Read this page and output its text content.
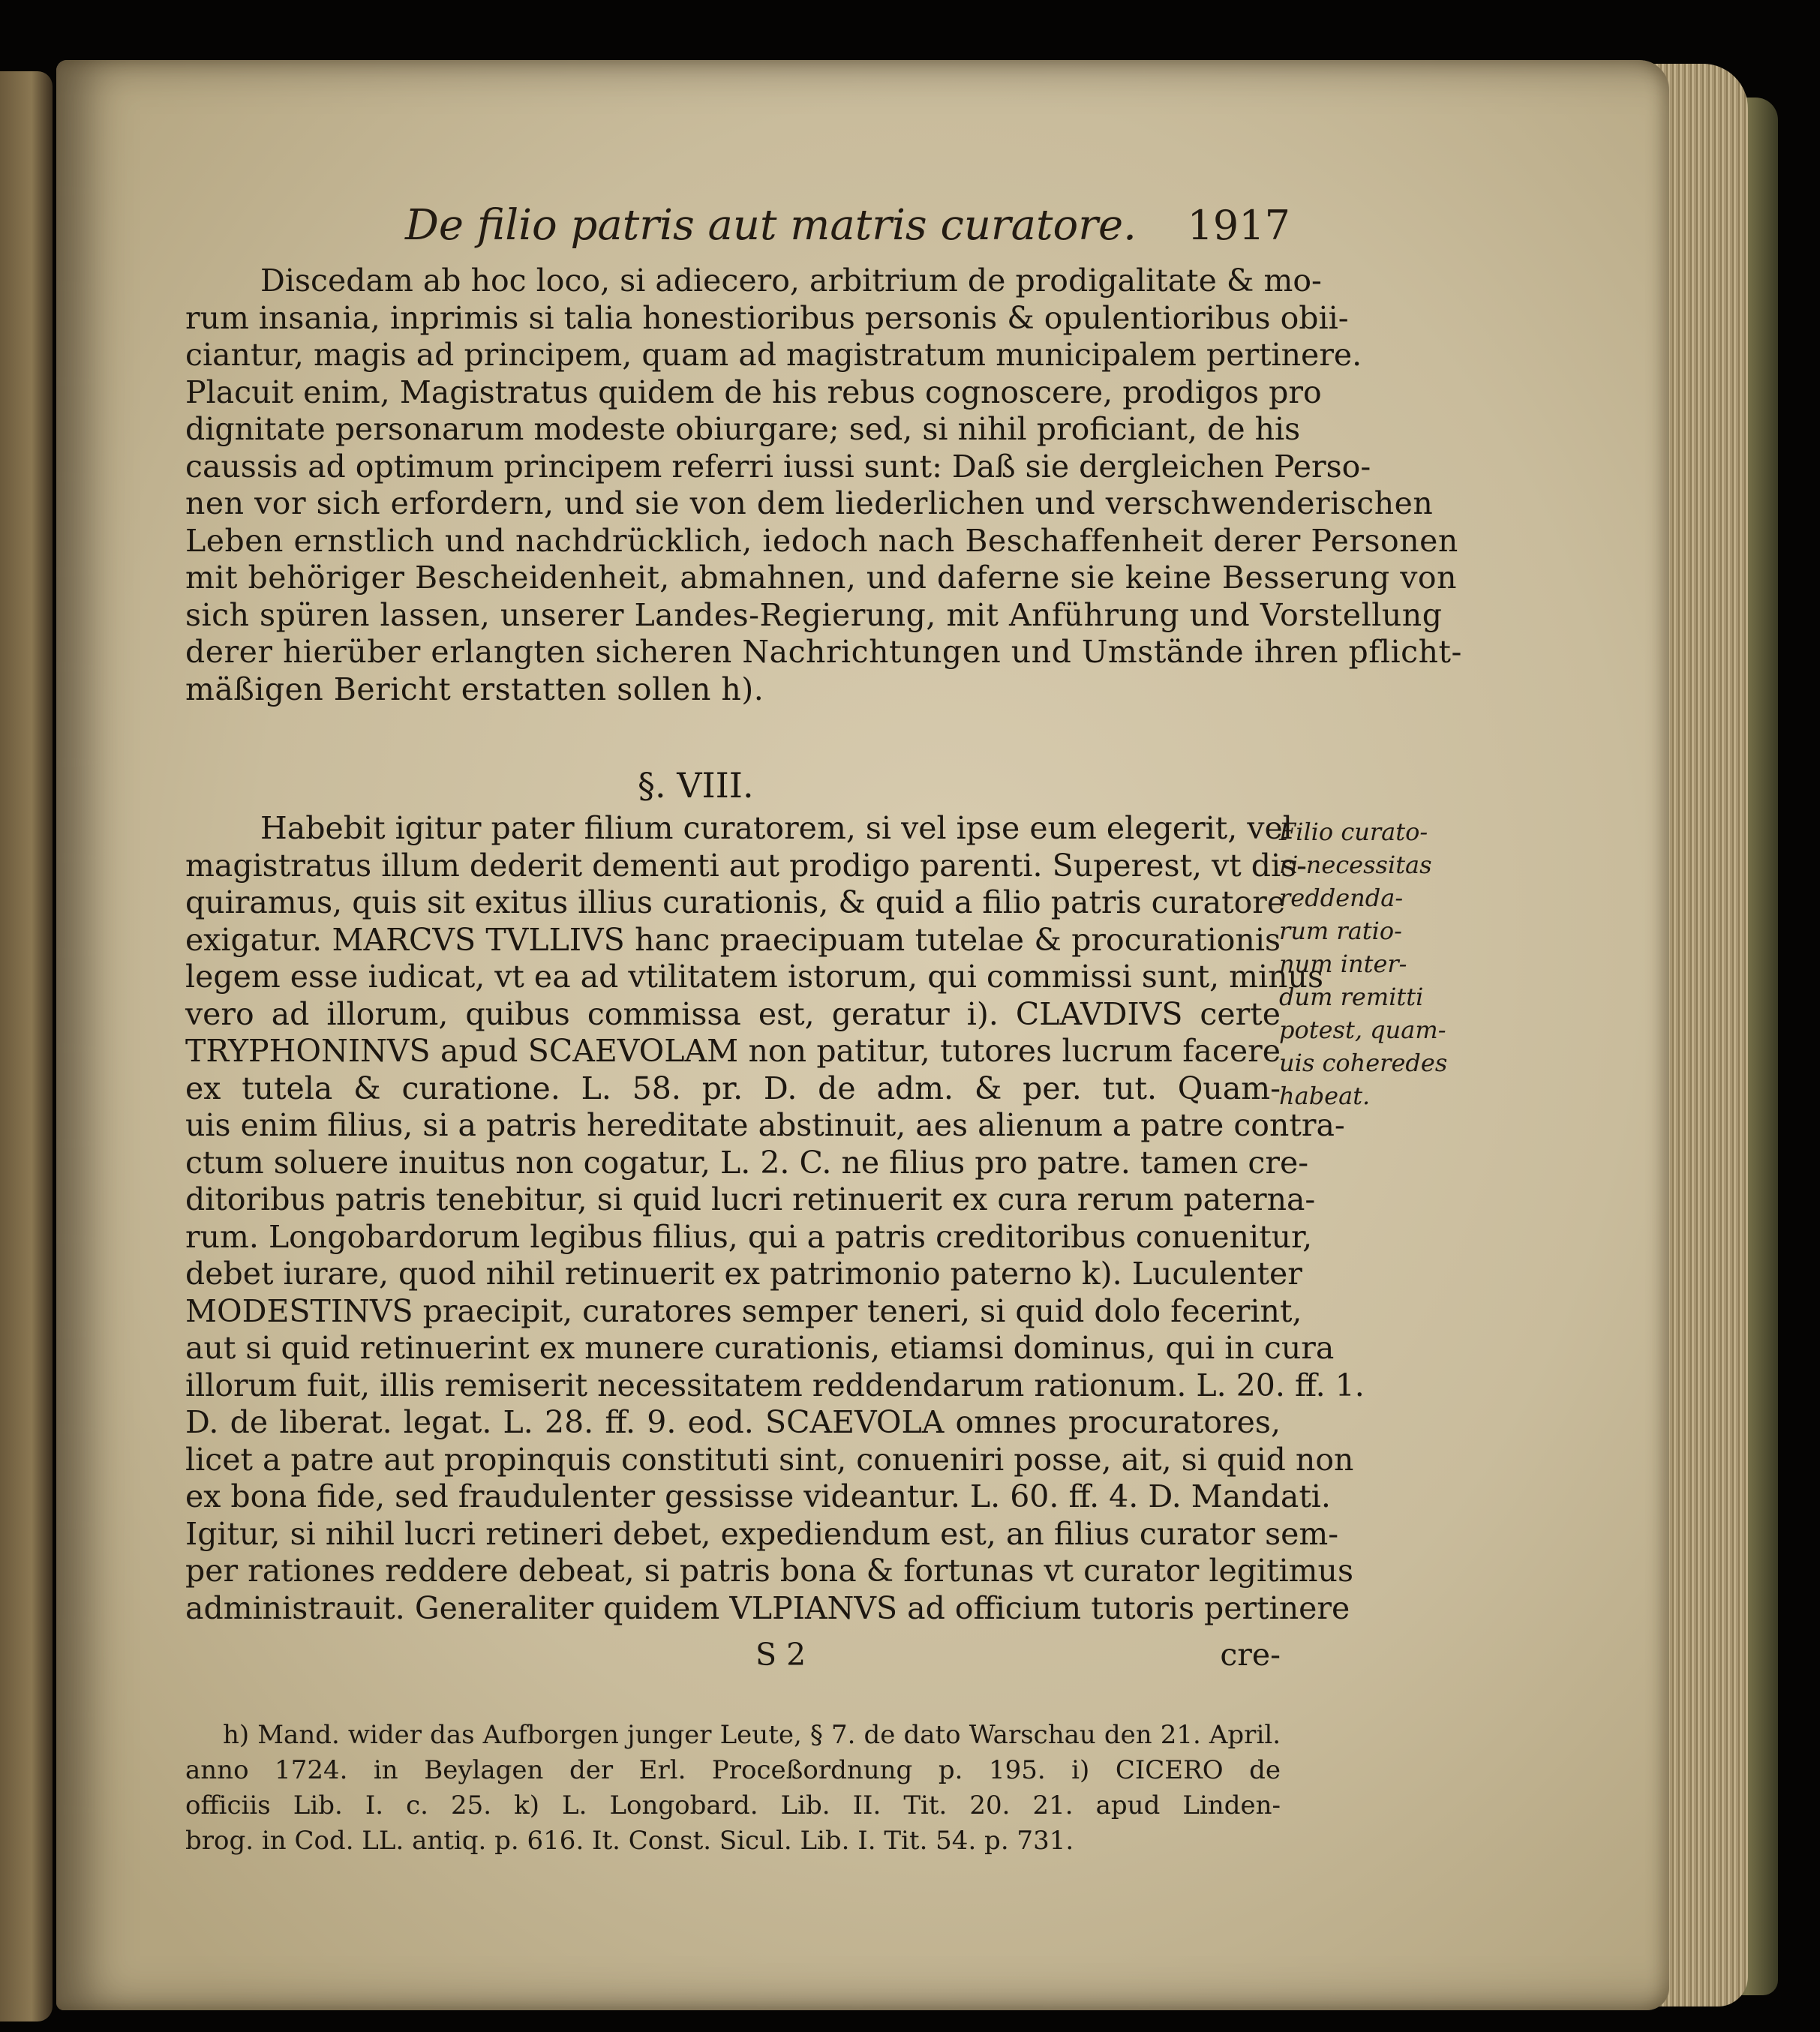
De filio patris aut matris curatore. 1917
Discedam ab hoc loco, si adiecero, arbitrium de prodigalitate & mo-
rum insania, inprimis si talia honestioribus personis & opulentioribus obii-
ciantur, magis ad principem, quam ad magistratum municipalem pertinere.
Placuit enim, Magistratus quidem de his rebus cognoscere, prodigos pro
dignitate personarum modeste obiurgare; sed, si nihil proficiant, de his
caussis ad optimum principem referri iussi sunt: Daß sie dergleichen Perso-
nen vor sich erfordern, und sie von dem liederlichen und verschwenderischen
Leben ernstlich und nachdrücklich, iedoch nach Beschaffenheit derer Personen
mit behöriger Bescheidenheit, abmahnen, und daferne sie keine Besserung von
sich spüren lassen, unserer Landes-Regierung, mit Anführung und Vorstellung
derer hierüber erlangten sicheren Nachrichtungen und Umstände ihren pflicht-
mäßigen Bericht erstatten sollen h).
§. VIII.
Habebit igitur pater filium curatorem, si vel ipse eum elegerit, vel
magistratus illum dederit dementi aut prodigo parenti. Superest, vt dis-
quiramus, quis sit exitus illius curationis, & quid a filio patris curatore
exigatur. MARCVS TVLLIVS hanc praecipuam tutelae & procurationis
legem esse iudicat, vt ea ad vtilitatem istorum, qui commissi sunt, minus
vero ad illorum, quibus commissa est, geratur i). CLAVDIVS certe
TRYPHONINVS apud SCAEVOLAM non patitur, tutores lucrum facere
ex tutela & curatione. L. 58. pr. D. de adm. & per. tut. Quam-
uis enim filius, si a patris hereditate abstinuit, aes alienum a patre contra-
ctum soluere inuitus non cogatur, L. 2. C. ne filius pro patre. tamen cre-
ditoribus patris tenebitur, si quid lucri retinuerit ex cura rerum paterna-
rum. Longobardorum legibus filius, qui a patris creditoribus conuenitur,
debet iurare, quod nihil retinuerit ex patrimonio paterno k). Luculenter
MODESTINVS praecipit, curatores semper teneri, si quid dolo fecerint,
aut si quid retinuerint ex munere curationis, etiamsi dominus, qui in cura
illorum fuit, illis remiserit necessitatem reddendarum rationum. L. 20. ff. 1.
D. de liberat. legat. L. 28. ff. 9. eod. SCAEVOLA omnes procuratores,
licet a patre aut propinquis constituti sint, conueniri posse, ait, si quid non
ex bona fide, sed fraudulenter gessisse videantur. L. 60. ff. 4. D. Mandati.
Igitur, si nihil lucri retineri debet, expediendum est, an filius curator sem-
per rationes reddere debeat, si patris bona & fortunas vt curator legitimus
administrauit. Generaliter quidem VLPIANVS ad officium tutoris pertinere
Filio curato-
ri necessitas
reddenda-
rum ratio-
num inter-
dum remitti
potest, quam-
uis coheredes
habeat.
S 2	cre-
h) Mand. wider das Aufborgen junger Leute, § 7. de dato Warschau den 21. April.
anno 1724. in Beylagen der Erl. Proceßordnung p. 195. i) CICERO de
officiis Lib. I. c. 25. k) L. Longobard. Lib. II. Tit. 20. 21. apud Linden-
brog. in Cod. LL. antiq. p. 616. It. Const. Sicul. Lib. I. Tit. 54. p. 731.
